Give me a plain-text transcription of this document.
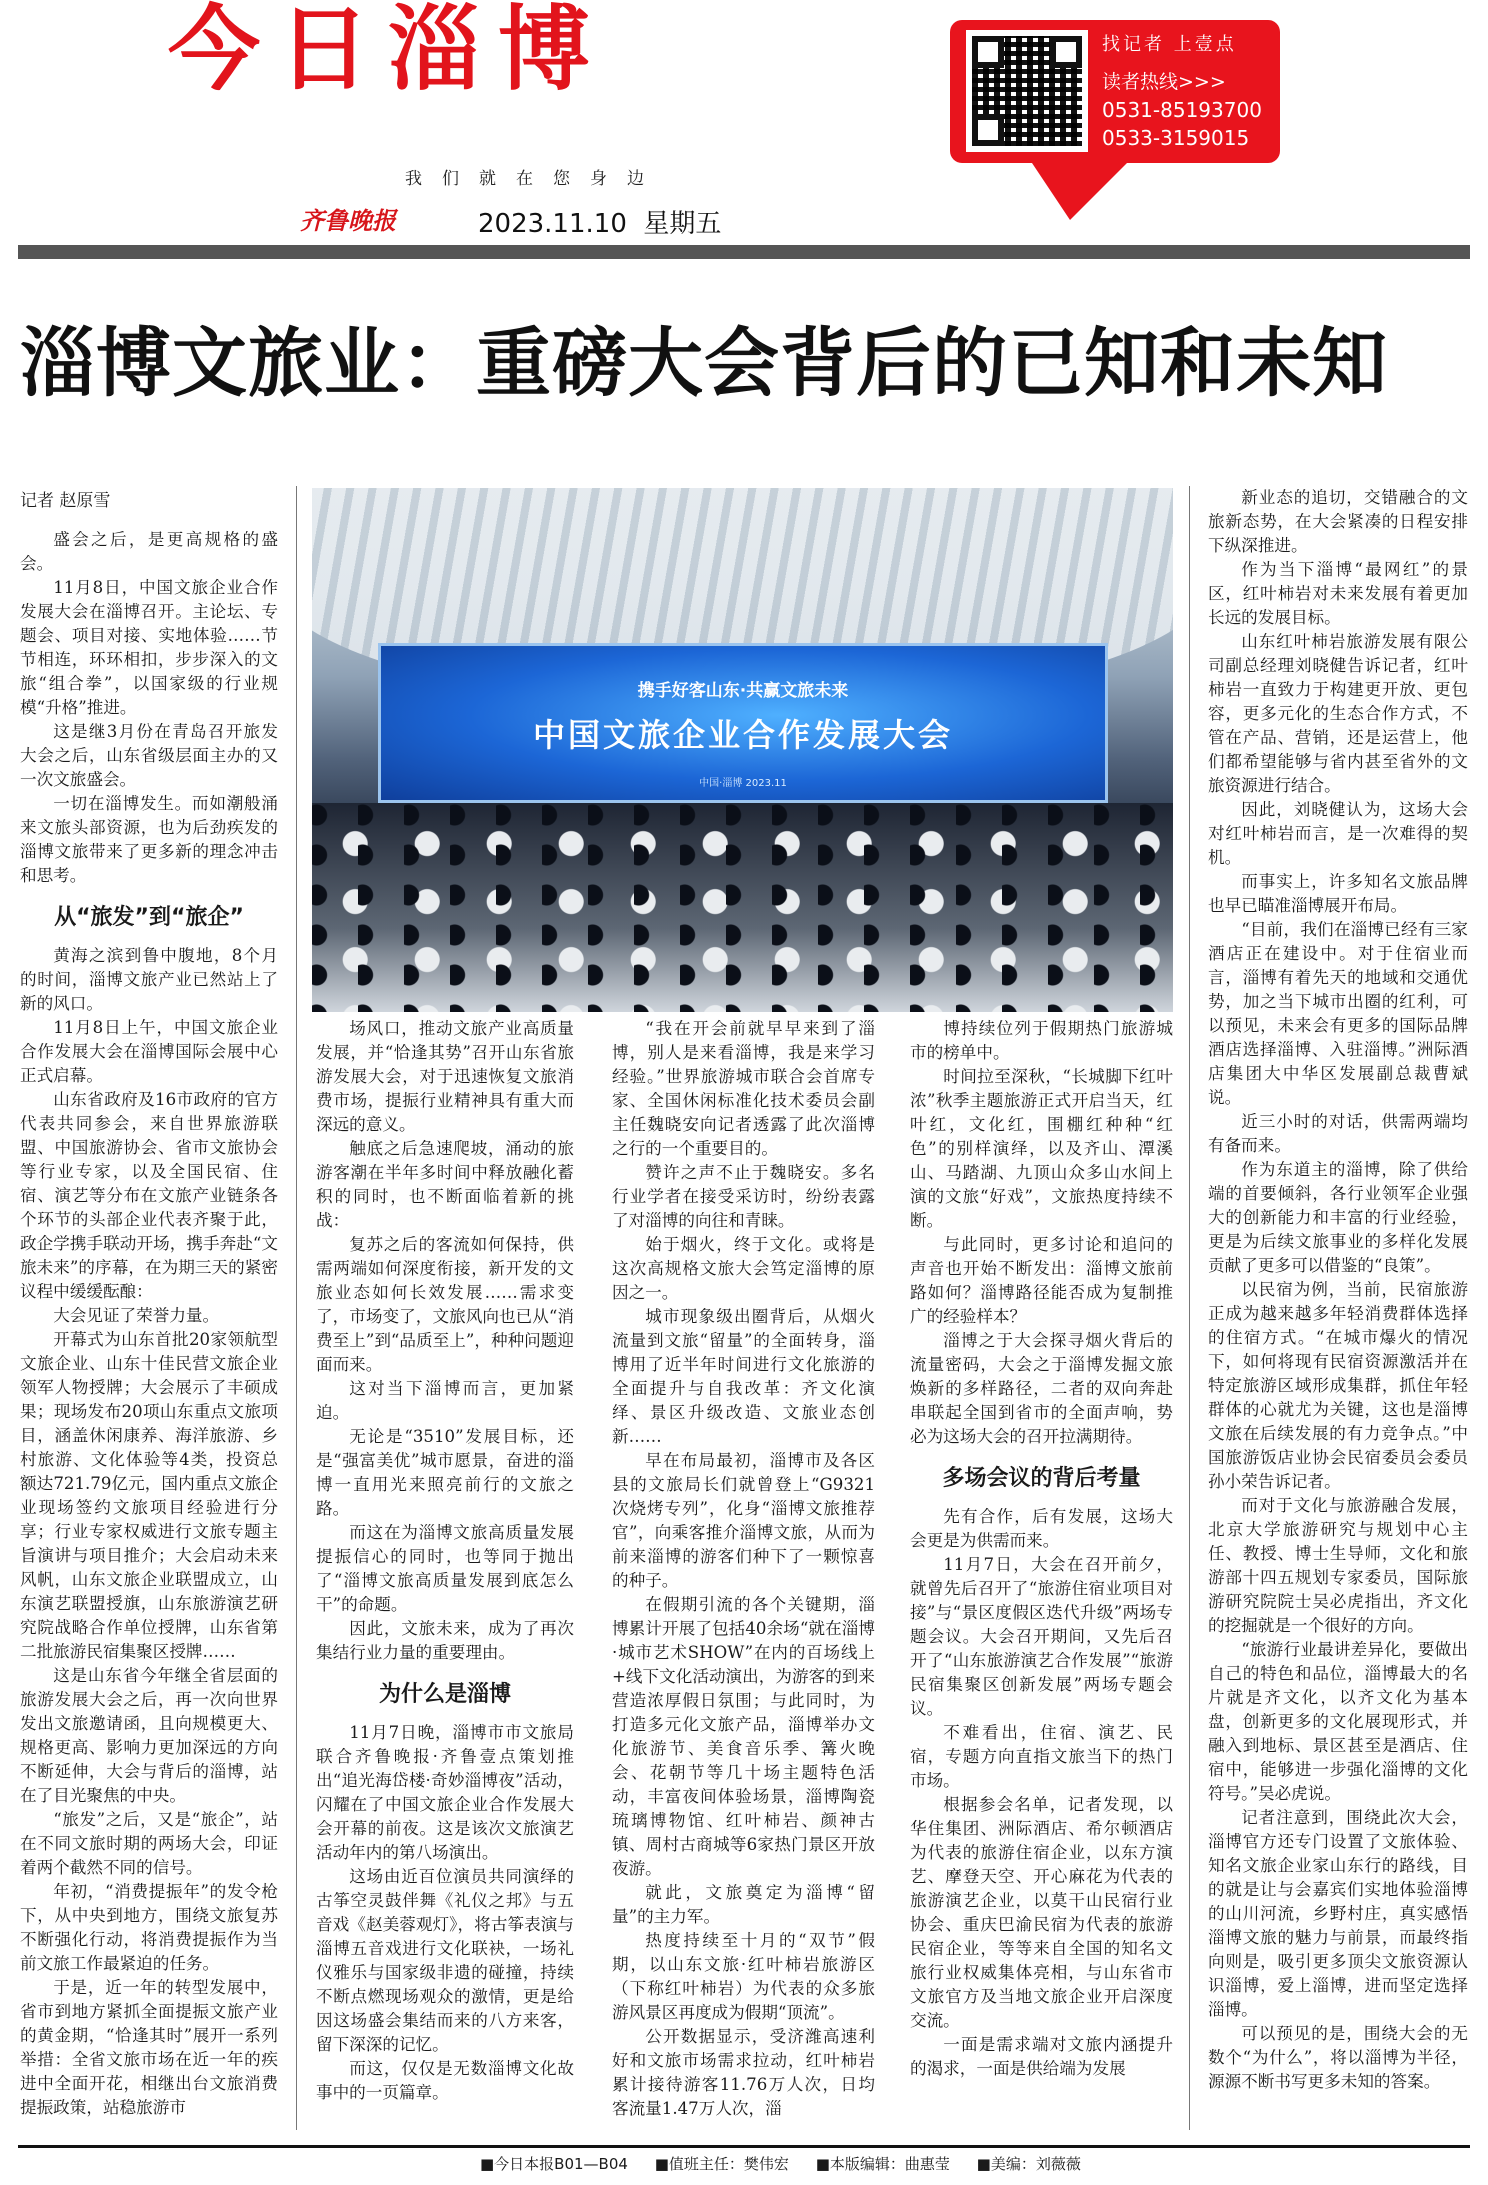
今日淄博
我们就在您身边
齐鲁晚报	2023.11.10 星期五
找记者 上壹点
读者热线>>>
0531-85193700
0533-3159015
淄博文旅业：重磅大会背后的已知和未知
记者 赵原雪
携手好客山东·共赢文旅未来
中国文旅企业合作发展大会
中国·淄博 2023.11

盛会之后，是更高规格的盛会。

11月8日，中国文旅企业合作发展大会在淄博召开。主论坛、专题会、项目对接、实地体验……节节相连，环环相扣，步步深入的文旅“组合拳”，以国家级的行业规模“升格”推进。

这是继3月份在青岛召开旅发大会之后，山东省级层面主办的又一次文旅盛会。

一切在淄博发生。而如潮般涌来文旅头部资源，也为后劲疾发的淄博文旅带来了更多新的理念冲击和思考。

从“旅发”到“旅企”

黄海之滨到鲁中腹地，8个月的时间，淄博文旅产业已然站上了新的风口。

11月8日上午，中国文旅企业合作发展大会在淄博国际会展中心正式启幕。

山东省政府及16市政府的官方代表共同参会，来自世界旅游联盟、中国旅游协会、省市文旅协会等行业专家，以及全国民宿、住宿、演艺等分布在文旅产业链条各个环节的头部企业代表齐聚于此，政企学携手联动开场，携手奔赴“文旅未来”的序幕，在为期三天的紧密议程中缓缓酝酿：

大会见证了荣誉力量。

开幕式为山东首批20家领航型文旅企业、山东十佳民营文旅企业领军人物授牌；大会展示了丰硕成果；现场发布20项山东重点文旅项目，涵盖休闲康养、海洋旅游、乡村旅游、文化体验等4类，投资总额达721.79亿元，国内重点文旅企业现场签约文旅项目经验进行分享；行业专家权威进行文旅专题主旨演讲与项目推介；大会启动未来风帆，山东文旅企业联盟成立，山东演艺联盟授旗，山东旅游演艺研究院战略合作单位授牌，山东省第二批旅游民宿集聚区授牌……

这是山东省今年继全省层面的旅游发展大会之后，再一次向世界发出文旅邀请函，且向规模更大、规格更高、影响力更加深远的方向不断延伸，大会与背后的淄博，站在了目光聚焦的中央。

“旅发”之后，又是“旅企”，站在不同文旅时期的两场大会，印证着两个截然不同的信号。

年初，“消费提振年”的发令枪下，从中央到地方，围绕文旅复苏不断强化行动，将消费提振作为当前文旅工作最紧迫的任务。

于是，近一年的转型发展中，省市到地方紧抓全面提振文旅产业的黄金期，“恰逢其时”展开一系列举措：全省文旅市场在近一年的疾进中全面开花，相继出台文旅消费提振政策，站稳旅游市

场风口，推动文旅产业高质量发展，并“恰逢其势”召开山东省旅游发展大会，对于迅速恢复文旅消费市场，提振行业精神具有重大而深远的意义。

触底之后急速爬坡，涌动的旅游客潮在半年多时间中释放融化蓄积的同时，也不断面临着新的挑战：

复苏之后的客流如何保持，供需两端如何深度衔接，新开发的文旅业态如何长效发展……需求变了，市场变了，文旅风向也已从“消费至上”到“品质至上”，种种问题迎面而来。

这对当下淄博而言，更加紧迫。

无论是“3510”发展目标，还是“强富美优”城市愿景，奋进的淄博一直用光来照亮前行的文旅之路。

而这在为淄博文旅高质量发展提振信心的同时，也等同于抛出了“淄博文旅高质量发展到底怎么干”的命题。

因此，文旅未来，成为了再次集结行业力量的重要理由。

为什么是淄博

11月7日晚，淄博市市文旅局联合齐鲁晚报·齐鲁壹点策划推出“追光海岱楼·奇妙淄博夜”活动，闪耀在了中国文旅企业合作发展大会开幕的前夜。这是该次文旅演艺活动年内的第八场演出。

这场由近百位演员共同演绎的古筝空灵鼓伴舞《礼仪之邦》与五音戏《赵美蓉观灯》，将古筝表演与淄博五音戏进行文化联袂，一场礼仪雅乐与国家级非遗的碰撞，持续不断点燃现场观众的激情，更是给因这场盛会集结而来的八方来客，留下深深的记忆。

而这，仅仅是无数淄博文化故事中的一页篇章。

“我在开会前就早早来到了淄博，别人是来看淄博，我是来学习经验。”世界旅游城市联合会首席专家、全国休闲标准化技术委员会副主任魏晓安向记者透露了此次淄博之行的一个重要目的。

赞许之声不止于魏晓安。多名行业学者在接受采访时，纷纷表露了对淄博的向往和青睐。

始于烟火，终于文化。或将是这次高规格文旅大会笃定淄博的原因之一。

城市现象级出圈背后，从烟火流量到文旅“留量”的全面转身，淄博用了近半年时间进行文化旅游的全面提升与自我改革：齐文化演绎、景区升级改造、文旅业态创新……

早在布局最初，淄博市及各区县的文旅局长们就曾登上“G9321次烧烤专列”，化身“淄博文旅推荐官”，向乘客推介淄博文旅，从而为前来淄博的游客们种下了一颗惊喜的种子。

在假期引流的各个关键期，淄博累计开展了包括40余场“就在淄博·城市艺术SHOW”在内的百场线上+线下文化活动演出，为游客的到来营造浓厚假日氛围；与此同时，为打造多元化文旅产品，淄博举办文化旅游节、美食音乐季、篝火晚会、花朝节等几十场主题特色活动，丰富夜间体验场景，淄博陶瓷琉璃博物馆、红叶柿岩、颜神古镇、周村古商城等6家热门景区开放夜游。

就此，文旅奠定为淄博“留量”的主力军。

热度持续至十月的“双节”假期，以山东文旅·红叶柿岩旅游区（下称红叶柿岩）为代表的众多旅游风景区再度成为假期“顶流”。

公开数据显示，受济潍高速利好和文旅市场需求拉动，红叶柿岩累计接待游客11.76万人次，日均客流量1.47万人次，淄

博持续位列于假期热门旅游城市的榜单中。

时间拉至深秋，“长城脚下红叶浓”秋季主题旅游正式开启当天，红叶红，文化红，围棚红种种“红色”的别样演绎，以及齐山、潭溪山、马踏湖、九顶山众多山水间上演的文旅“好戏”，文旅热度持续不断。

与此同时，更多讨论和追问的声音也开始不断发出：淄博文旅前路如何？淄博路径能否成为复制推广的经验样本？

淄博之于大会探寻烟火背后的流量密码，大会之于淄博发掘文旅焕新的多样路径，二者的双向奔赴串联起全国到省市的全面声响，势必为这场大会的召开拉满期待。

多场会议的背后考量

先有合作，后有发展，这场大会更是为供需而来。

11月7日，大会在召开前夕，就曾先后召开了“旅游住宿业项目对接”与“景区度假区迭代升级”两场专题会议。大会召开期间，又先后召开了“山东旅游演艺合作发展”“旅游民宿集聚区创新发展”两场专题会议。

不难看出，住宿、演艺、民宿，专题方向直指文旅当下的热门市场。

根据参会名单，记者发现，以华住集团、洲际酒店、希尔顿酒店为代表的旅游住宿企业，以东方演艺、摩登天空、开心麻花为代表的旅游演艺企业，以莫干山民宿行业协会、重庆巴渝民宿为代表的旅游民宿企业，等等来自全国的知名文旅行业权威集体亮相，与山东省市文旅官方及当地文旅企业开启深度交流。

一面是需求端对文旅内涵提升的渴求，一面是供给端为发展

新业态的追切，交错融合的文旅新态势，在大会紧凑的日程安排下纵深推进。

作为当下淄博“最网红”的景区，红叶柿岩对未来发展有着更加长远的发展目标。

山东红叶柿岩旅游发展有限公司副总经理刘晓健告诉记者，红叶柿岩一直致力于构建更开放、更包容，更多元化的生态合作方式，不管在产品、营销，还是运营上，他们都希望能够与省内甚至省外的文旅资源进行结合。

因此，刘晓健认为，这场大会对红叶柿岩而言，是一次难得的契机。

而事实上，许多知名文旅品牌也早已瞄准淄博展开布局。

“目前，我们在淄博已经有三家酒店正在建设中。对于住宿业而言，淄博有着先天的地域和交通优势，加之当下城市出圈的红利，可以预见，未来会有更多的国际品牌酒店选择淄博、入驻淄博。”洲际酒店集团大中华区发展副总裁曹斌说。

近三小时的对话，供需两端均有备而来。

作为东道主的淄博，除了供给端的首要倾斜，各行业领军企业强大的创新能力和丰富的行业经验，更是为后续文旅事业的多样化发展贡献了更多可以借鉴的“良策”。

以民宿为例，当前，民宿旅游正成为越来越多年轻消费群体选择的住宿方式。“在城市爆火的情况下，如何将现有民宿资源激活并在特定旅游区域形成集群，抓住年轻群体的心就尤为关键，这也是淄博文旅在后续发展的有力竞争点。”中国旅游饭店业协会民宿委员会委员孙小荣告诉记者。

而对于文化与旅游融合发展，北京大学旅游研究与规划中心主任、教授、博士生导师，文化和旅游部十四五规划专家委员，国际旅游研究院院士吴必虎指出，齐文化的挖掘就是一个很好的方向。

“旅游行业最讲差异化，要做出自己的特色和品位，淄博最大的名片就是齐文化，以齐文化为基本盘，创新更多的文化展现形式，并融入到地标、景区甚至是酒店、住宿中，能够进一步强化淄博的文化符号。”吴必虎说。

记者注意到，围绕此次大会，淄博官方还专门设置了文旅体验、知名文旅企业家山东行的路线，目的就是让与会嘉宾们实地体验淄博的山川河流，乡野村庄，真实感悟淄博文旅的魅力与前景，而最终指向则是，吸引更多顶尖文旅资源认识淄博，爱上淄博，进而坚定选择淄博。

可以预见的是，围绕大会的无数个“为什么”，将以淄博为半径，源源不断书写更多未知的答案。

■今日本报B01—B04 ■值班主任：樊伟宏 ■本版编辑：曲惠莹 ■美编：刘薇薇
